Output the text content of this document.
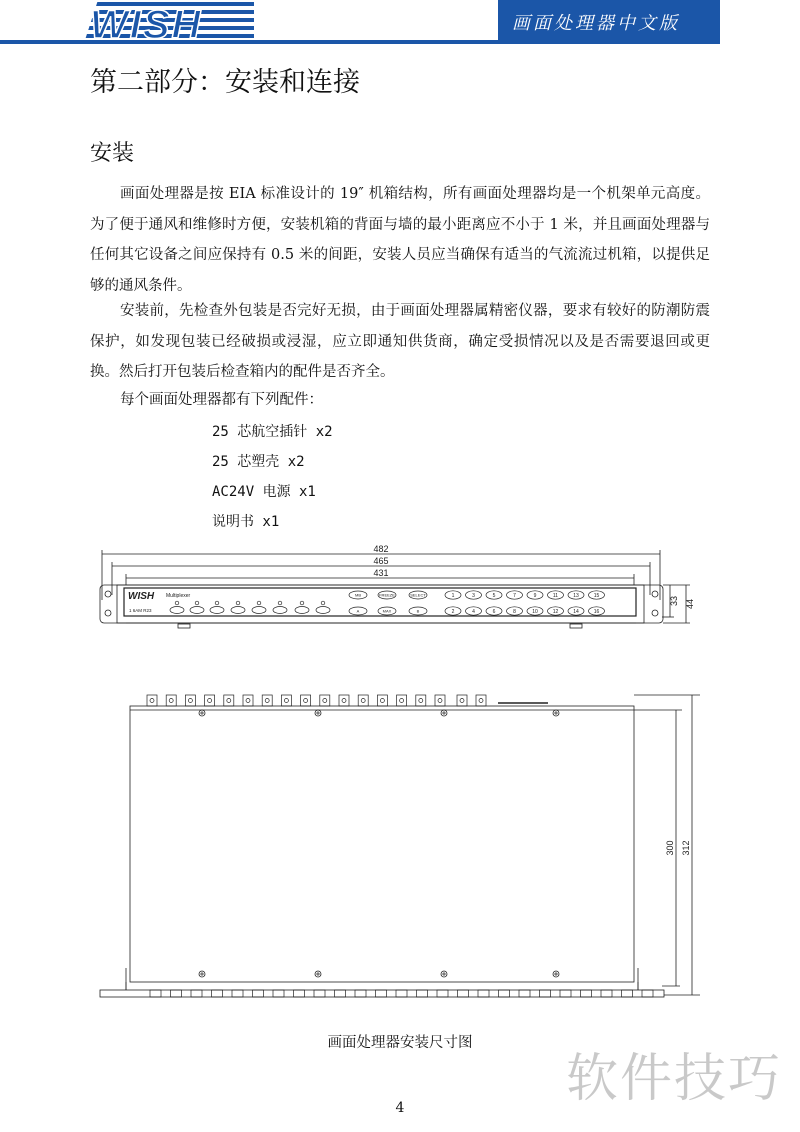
WISH	画面处理器中文版
第二部分：安装和连接
安装

画面处理器是按 EIA 标准设计的 19″ 机箱结构，所有画面处理器均是一个机架单元高度。为了便于通风和维修时方便，安装机箱的背面与墙的最小距离应不小于 1 米，并且画面处理器与任何其它设备之间应保持有 0.5 米的间距，安装人员应当确保有适当的气流流过机箱，以提供足够的通风条件。

安装前，先检查外包装是否完好无损，由于画面处理器属精密仪器，要求有较好的防潮防震保护，如发现包装已经破损或浸湿，应立即通知供货商，确定受损情况以及是否需要退回或更换。然后打开包装后检查箱内的配件是否齐全。

每个画面处理器都有下列配件：

25 芯航空插针 x2
25 芯塑壳 x2
AC24V 电源 x1
说明书 x1
482
465
431
33 44
WISH Multiplexer
1 6AM R23
MB	FREEZE	SELECT
A	MAX	B
1	3	5	7	9	11	13	15
2	4	6	8	10	12	14	16
300 312
画面处理器安装尺寸图
软件技巧
4
